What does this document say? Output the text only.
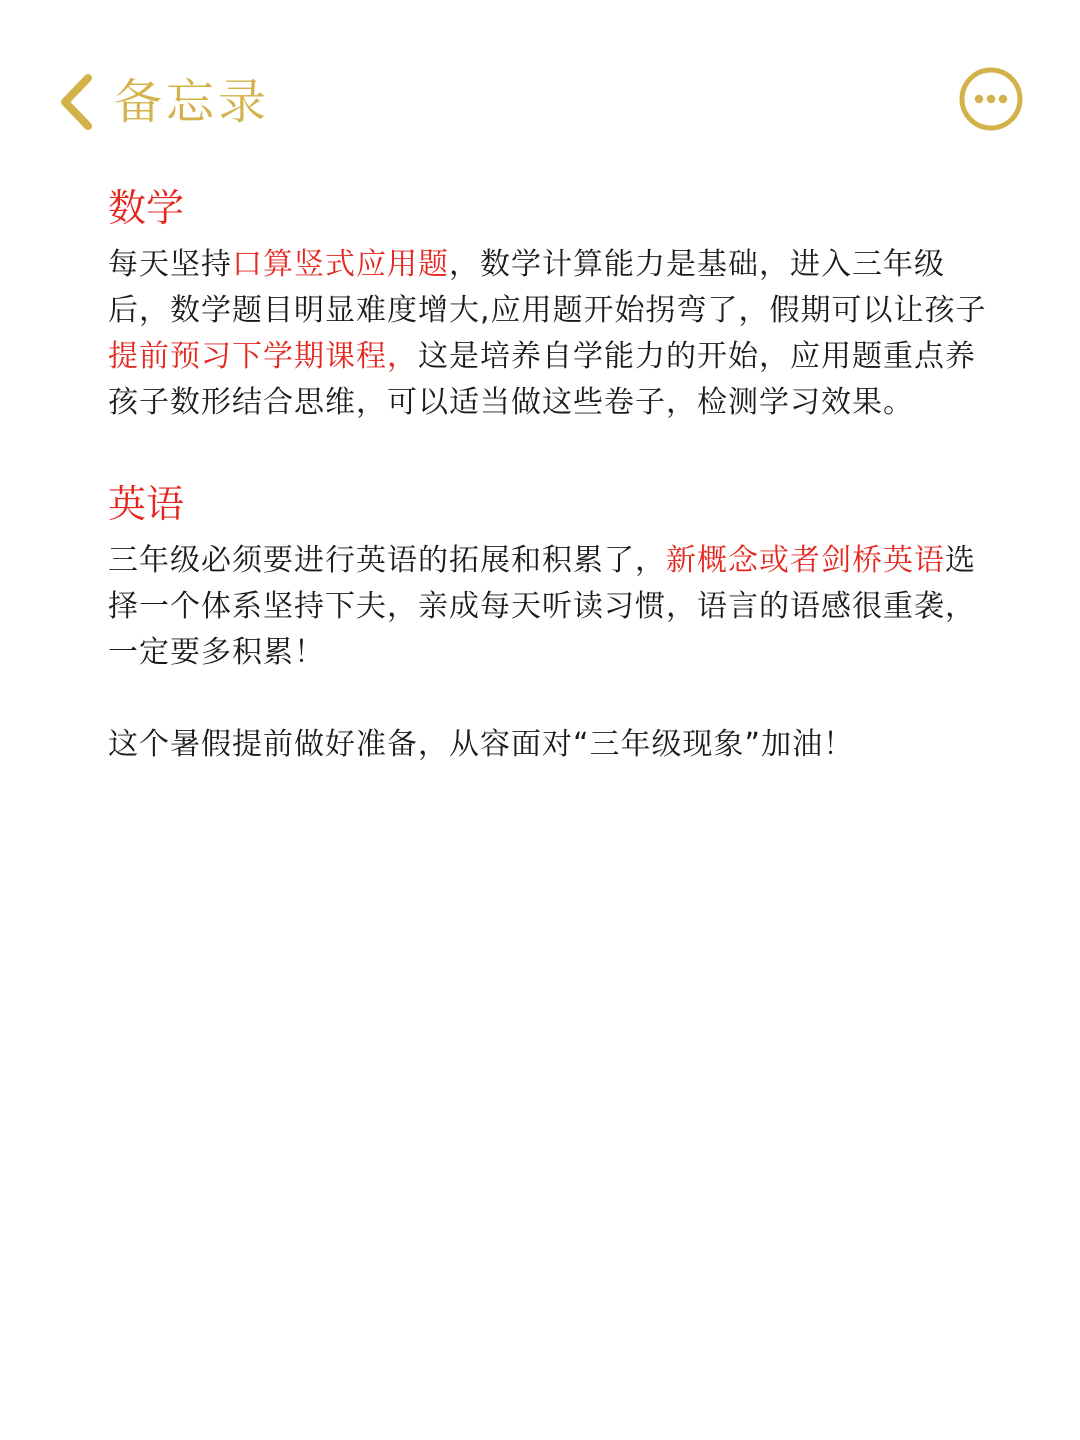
备忘录
数学

每天坚持口算竖式应用题，数学计算能力是基础，进入三年级后，数学题目明显难度增大,应用题开始拐弯了，假期可以让孩子提前预习下学期课程，这是培养自学能力的开始，应用题重点养孩子数形结合思维，可以适当做这些卷子，检测学习效果。

英语

三年级必须要进行英语的拓展和积累了，新概念或者剑桥英语选择一个体系坚持下夫，亲成每天听读习惯，语言的语感很重袭，一定要多积累！

这个暑假提前做好准备，从容面对“三年级现象”加油！
